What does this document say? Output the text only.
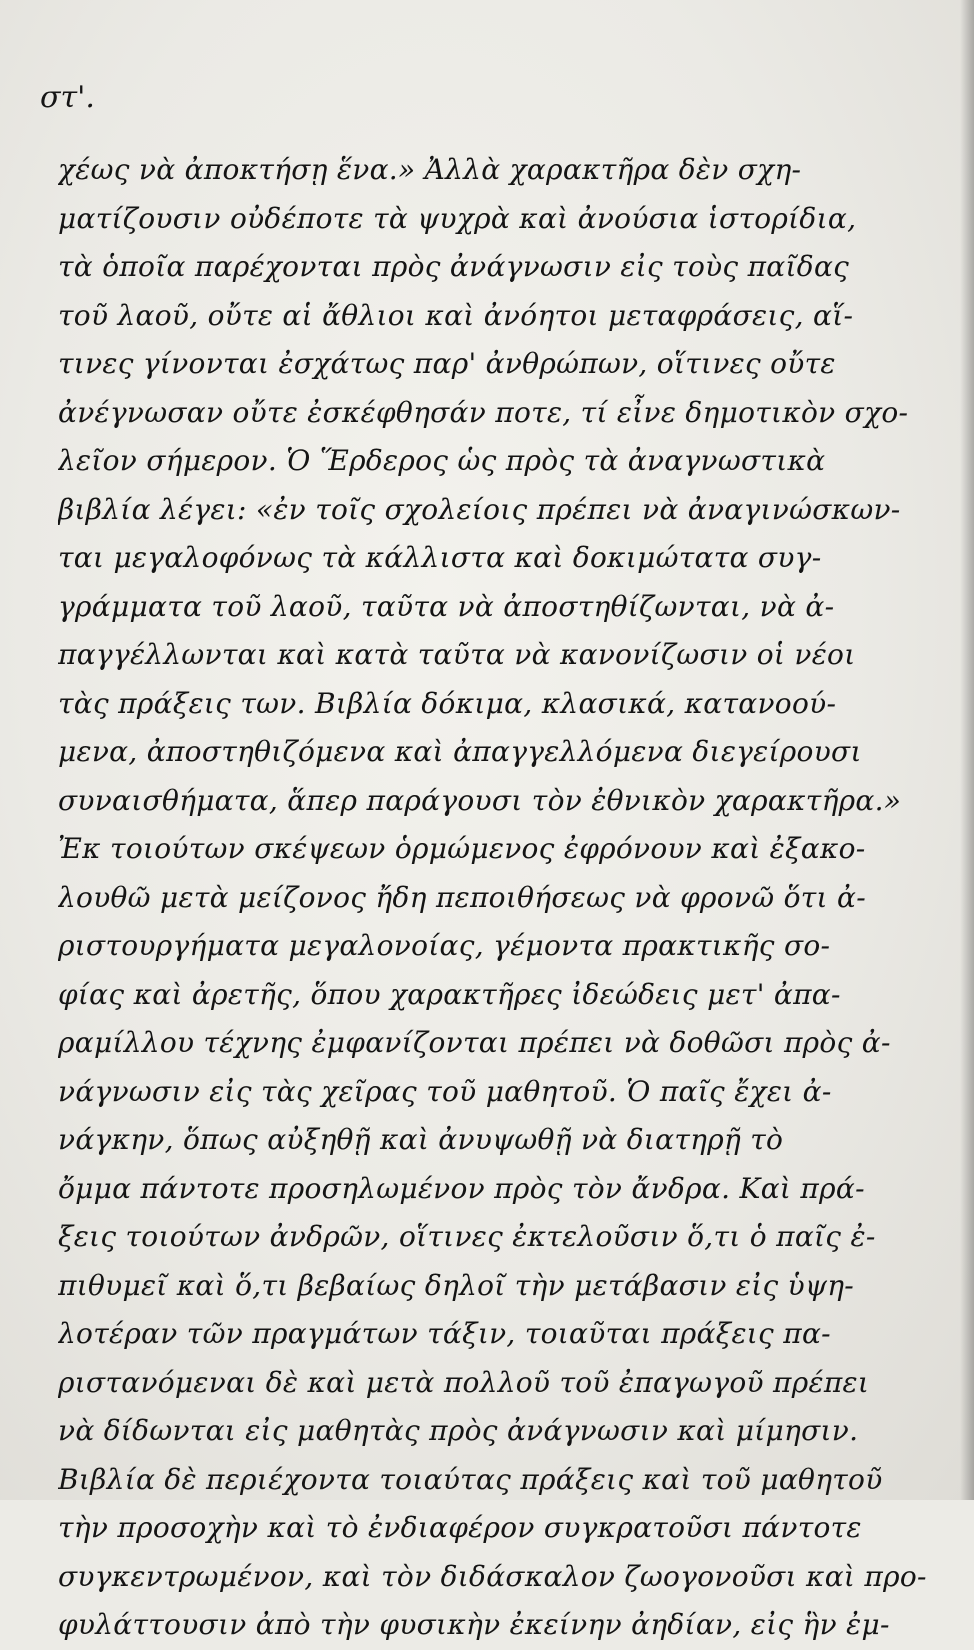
στ'.
χέως νὰ ἀποκτήσῃ ἕνα.» Ἀλλὰ χαρακτῆρα δὲν σχη-
ματίζουσιν οὐδέποτε τὰ ψυχρὰ καὶ ἀνούσια ἱστορίδια,
τὰ ὁποῖα παρέχονται πρὸς ἀνάγνωσιν εἰς τοὺς παῖδας
τοῦ λαοῦ, οὔτε αἱ ἄθλιοι καὶ ἀνόητοι μεταφράσεις, αἵ-
τινες γίνονται ἐσχάτως παρ' ἀνθρώπων, οἵτινες οὔτε
ἀνέγνωσαν οὔτε ἐσκέφθησάν ποτε, τί εἶνε δημοτικὸν σχο-
λεῖον σήμερον. Ὁ Ἕρδερος ὡς πρὸς τὰ ἀναγνωστικὰ
βιβλία λέγει: «ἐν τοῖς σχολείοις πρέπει νὰ ἀναγινώσκων-
ται μεγαλοφόνως τὰ κάλλιστα καὶ δοκιμώτατα συγ-
γράμματα τοῦ λαοῦ, ταῦτα νὰ ἀποστηθίζωνται, νὰ ἀ-
παγγέλλωνται καὶ κατὰ ταῦτα νὰ κανονίζωσιν οἱ νέοι
τὰς πράξεις των. Βιβλία δόκιμα, κλασικά, κατανοού-
μενα, ἀποστηθιζόμενα καὶ ἀπαγγελλόμενα διεγείρουσι
συναισθήματα, ἅπερ παράγουσι τὸν ἐθνικὸν χαρακτῆρα.»
Ἐκ τοιούτων σκέψεων ὁρμώμενος ἐφρόνουν καὶ ἐξακο-
λουθῶ μετὰ μείζονος ἤδη πεποιθήσεως νὰ φρονῶ ὅτι ἀ-
ριστουργήματα μεγαλονοίας, γέμοντα πρακτικῆς σο-
φίας καὶ ἀρετῆς, ὅπου χαρακτῆρες ἰδεώδεις μετ' ἀπα-
ραμίλλου τέχνης ἐμφανίζονται πρέπει νὰ δοθῶσι πρὸς ἀ-
νάγνωσιν εἰς τὰς χεῖρας τοῦ μαθητοῦ. Ὁ παῖς ἔχει ἀ-
νάγκην, ὅπως αὐξηθῇ καὶ ἀνυψωθῇ νὰ διατηρῇ τὸ
ὄμμα πάντοτε προσηλωμένον πρὸς τὸν ἄνδρα. Καὶ πρά-
ξεις τοιούτων ἀνδρῶν, οἵτινες ἐκτελοῦσιν ὅ,τι ὁ παῖς ἐ-
πιθυμεῖ καὶ ὅ,τι βεβαίως δηλοῖ τὴν μετάβασιν εἰς ὑψη-
λοτέραν τῶν πραγμάτων τάξιν, τοιαῦται πράξεις πα-
ριστανόμεναι δὲ καὶ μετὰ πολλοῦ τοῦ ἐπαγωγοῦ πρέπει
νὰ δίδωνται εἰς μαθητὰς πρὸς ἀνάγνωσιν καὶ μίμησιν.
Βιβλία δὲ περιέχοντα τοιαύτας πράξεις καὶ τοῦ μαθητοῦ
τὴν προσοχὴν καὶ τὸ ἐνδιαφέρον συγκρατοῦσι πάντοτε
συγκεντρωμένον, καὶ τὸν διδάσκαλον ζωογονοῦσι καὶ προ-
φυλάττουσιν ἀπὸ τὴν φυσικὴν ἐκείνην ἀηδίαν, εἰς ἣν ἐμ-
